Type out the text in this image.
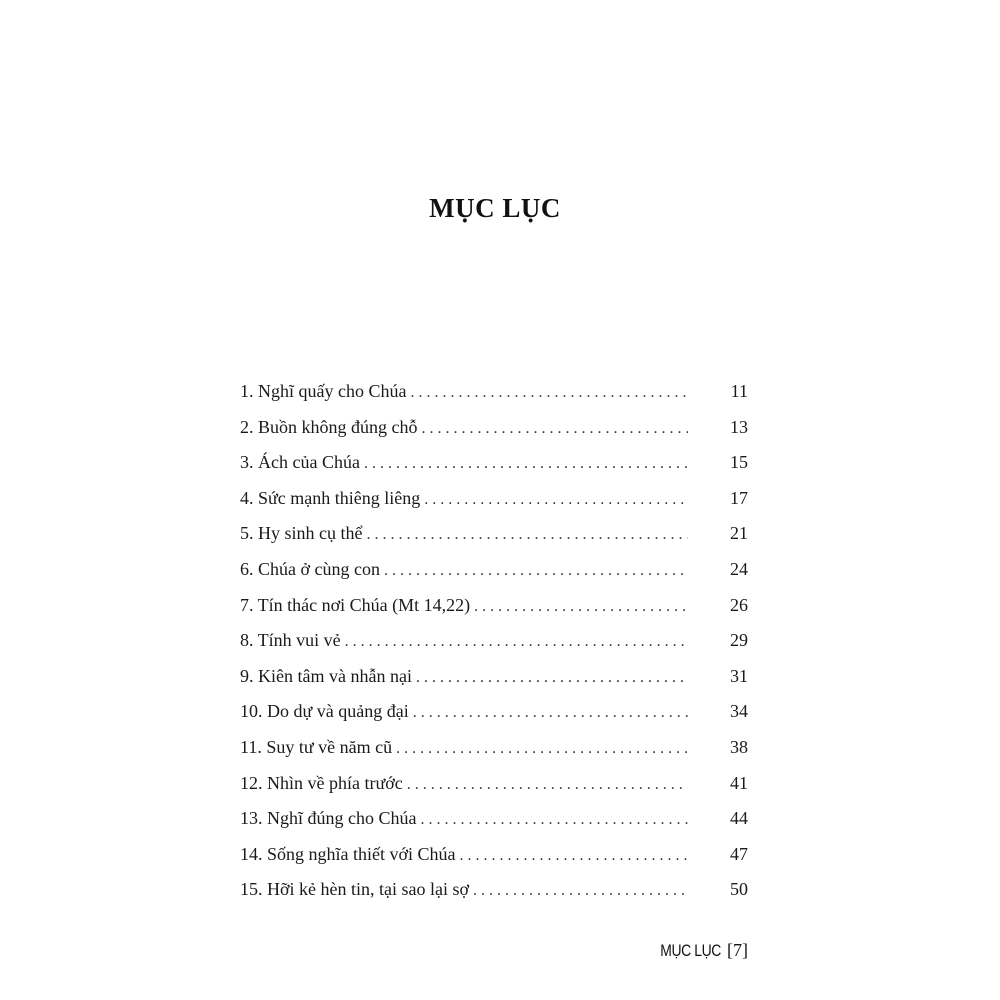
MỤC LỤC
1. Nghĩ quấy cho Chúa . . .	11
2. Buồn không đúng chỗ . . .	13
3. Ách của Chúa . . .	15
4. Sức mạnh thiêng liêng . . .	17
5. Hy sinh cụ thể . . .	21
6. Chúa ở cùng con . . .	24
7. Tín thác nơi Chúa (Mt 14,22) . . .	26
8. Tính vui vẻ . . .	29
9. Kiên tâm và nhẫn nại . . .	31
10. Do dự và quảng đại . . .	34
11. Suy tư về năm cũ . . .	38
12. Nhìn về phía trước . . .	41
13. Nghĩ đúng cho Chúa . . .	44
14. Sống nghĩa thiết với Chúa . . .	47
15. Hỡi kẻ hèn tin, tại sao lại sợ . . .	50
MỤC LỤC [7]
